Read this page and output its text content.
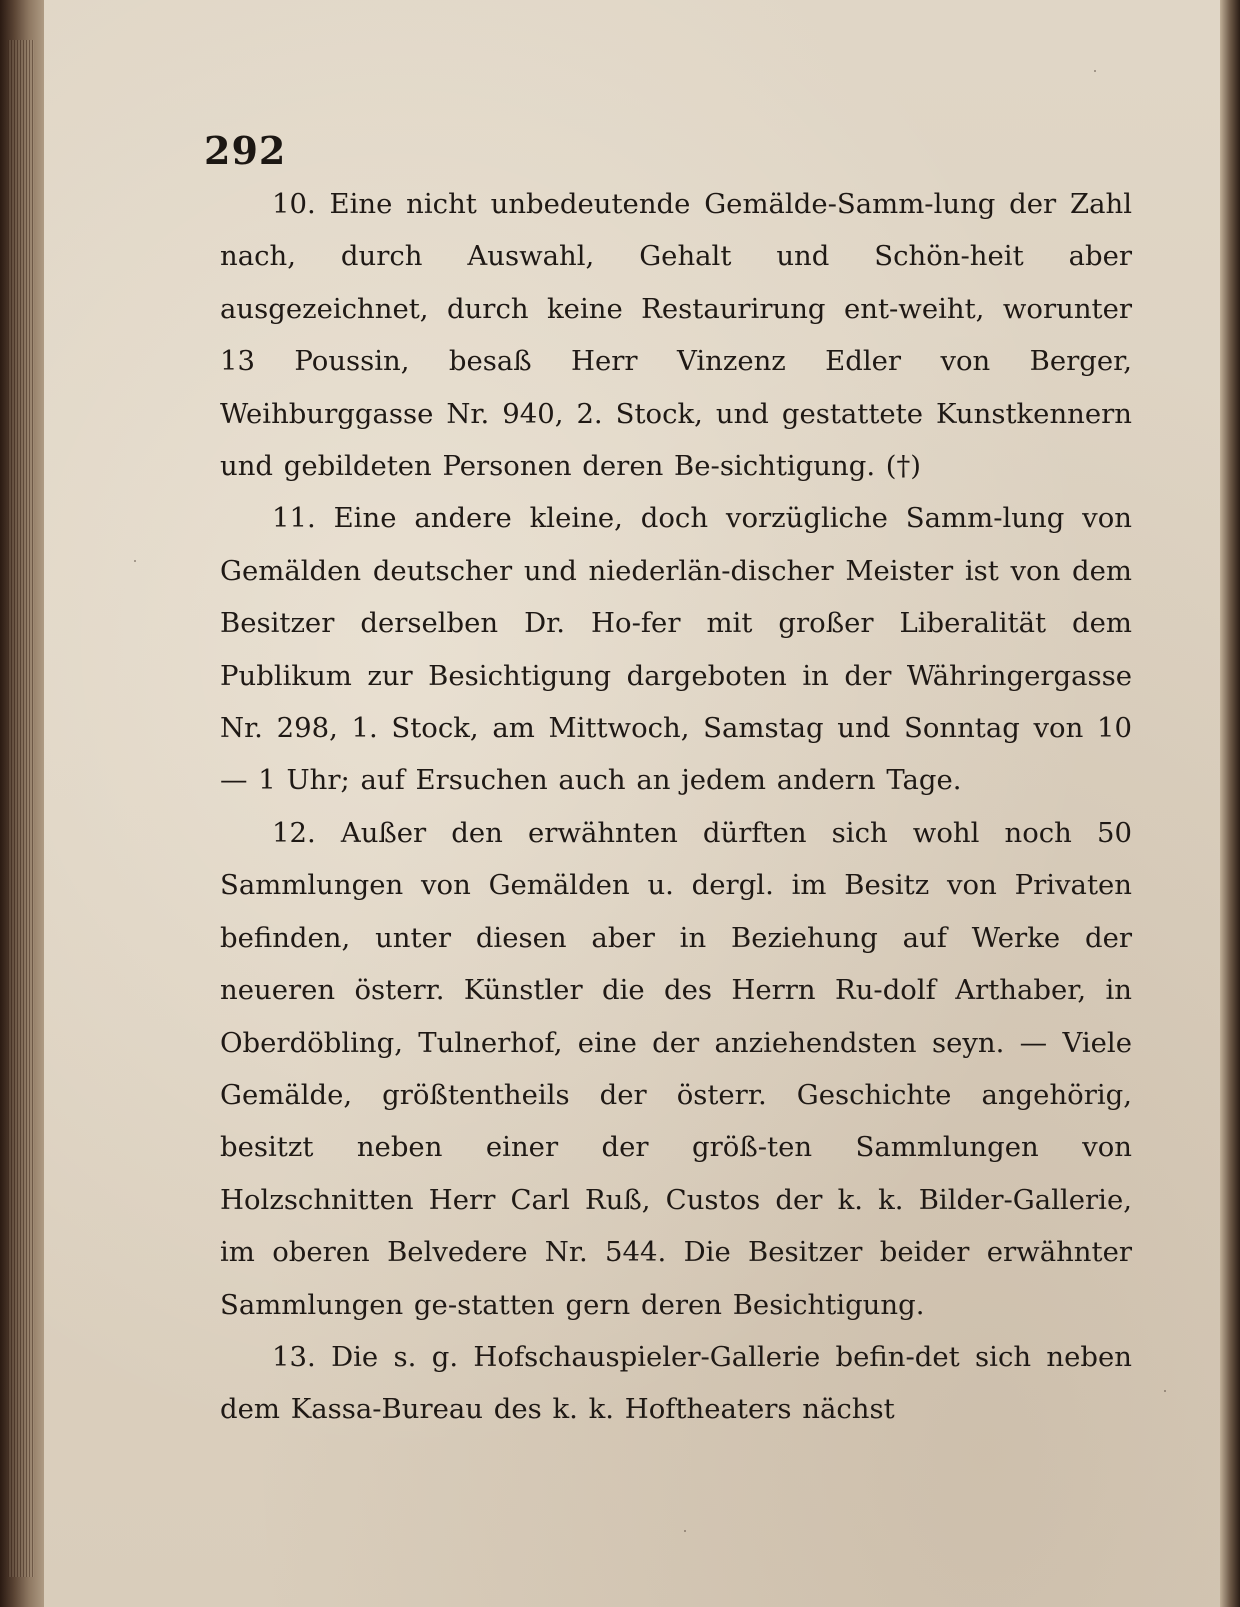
292

10. Eine nicht unbedeutende Gemälde-Samm-lung der Zahl nach, durch Auswahl, Gehalt und Schön-heit aber ausgezeichnet, durch keine Restaurirung ent-weiht, worunter 13 Poussin, besaß Herr Vinzenz Edler von Berger, Weihburggasse Nr. 940, 2. Stock, und gestattete Kunstkennern und gebildeten Personen deren Be-sichtigung. (†)

11. Eine andere kleine, doch vorzügliche Samm-lung von Gemälden deutscher und niederlän-discher Meister ist von dem Besitzer derselben Dr. Ho-fer mit großer Liberalität dem Publikum zur Besichtigung dargeboten in der Währingergasse Nr. 298, 1. Stock, am Mittwoch, Samstag und Sonntag von 10 — 1 Uhr; auf Ersuchen auch an jedem andern Tage.

12. Außer den erwähnten dürften sich wohl noch 50 Sammlungen von Gemälden u. dergl. im Besitz von Privaten befinden, unter diesen aber in Beziehung auf Werke der neueren österr. Künstler die des Herrn Ru-dolf Arthaber, in Oberdöbling, Tulnerhof, eine der anziehendsten seyn. — Viele Gemälde, größtentheils der österr. Geschichte angehörig, besitzt neben einer der größ-ten Sammlungen von Holzschnitten Herr Carl Ruß, Custos der k. k. Bilder-Gallerie, im oberen Belvedere Nr. 544. Die Besitzer beider erwähnter Sammlungen ge-statten gern deren Besichtigung.

13. Die s. g. Hofschauspieler-Gallerie befin-det sich neben dem Kassa-Bureau des k. k. Hoftheaters nächst
